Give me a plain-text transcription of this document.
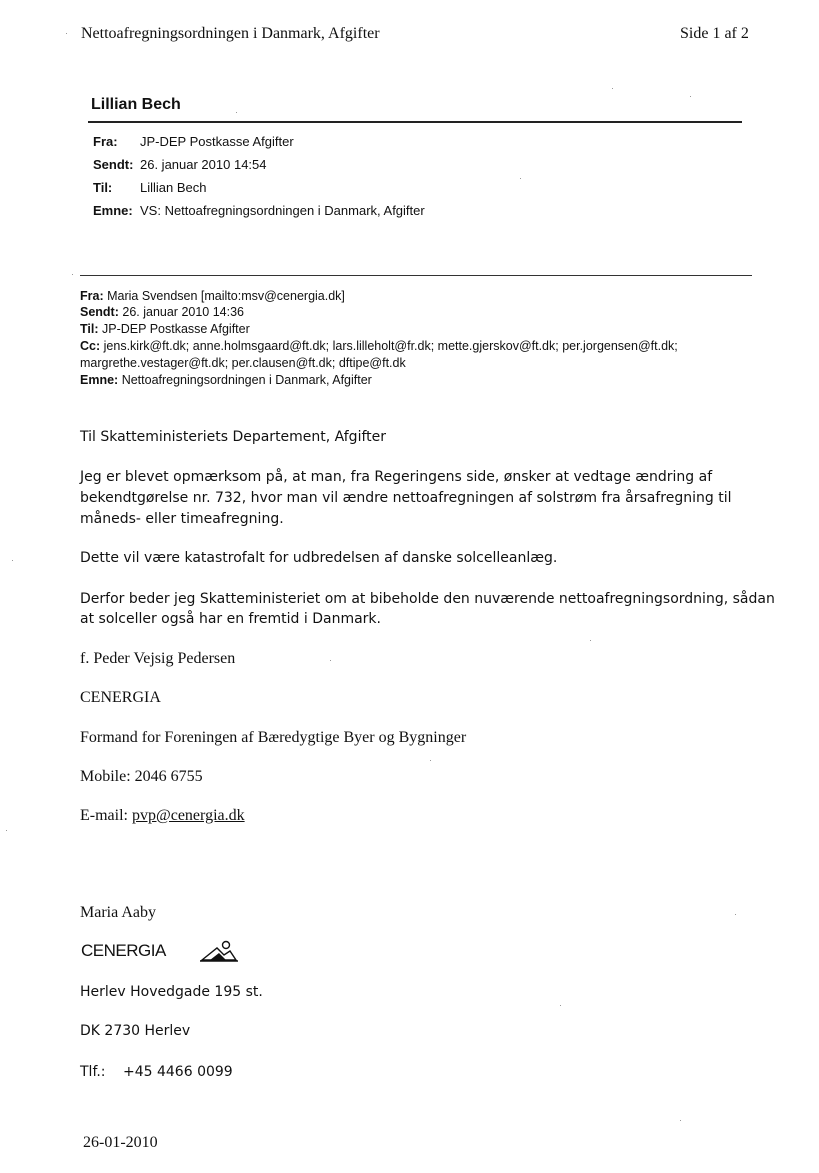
Nettoafregningsordningen i Danmark, Afgifter	Side 1 af 2
Lillian Bech
Fra: JP-DEP Postkasse Afgifter
Sendt: 26. januar 2010 14:54
Til: Lillian Bech
Emne: VS: Nettoafregningsordningen i Danmark, Afgifter
Fra: Maria Svendsen [mailto:msv@cenergia.dk]
Sendt: 26. januar 2010 14:36
Til: JP-DEP Postkasse Afgifter
Cc: jens.kirk@ft.dk; anne.holmsgaard@ft.dk; lars.lilleholt@fr.dk; mette.gjerskov@ft.dk; per.jorgensen@ft.dk;
margrethe.vestager@ft.dk; per.clausen@ft.dk; dftipe@ft.dk
Emne: Nettoafregningsordningen i Danmark, Afgifter
Til Skatteministeriets Departement, Afgifter
Jeg er blevet opmærksom på, at man, fra Regeringens side, ønsker at vedtage ændring af
bekendtgørelse nr. 732, hvor man vil ændre nettoafregningen af solstrøm fra årsafregning til
måneds- eller timeafregning.
Dette vil være katastrofalt for udbredelsen af danske solcelleanlæg.
Derfor beder jeg Skatteministeriet om at bibeholde den nuværende nettoafregningsordning, sådan
at solceller også har en fremtid i Danmark.
f. Peder Vejsig Pedersen
CENERGIA
Formand for Foreningen af Bæredygtige Byer og Bygninger
Mobile: 2046 6755
E-mail: pvp@cenergia.dk
Maria Aaby
CENERGIA
Herlev Hovedgade 195 st.
DK 2730 Herlev
Tlf.: +45 4466 0099
26-01-2010
